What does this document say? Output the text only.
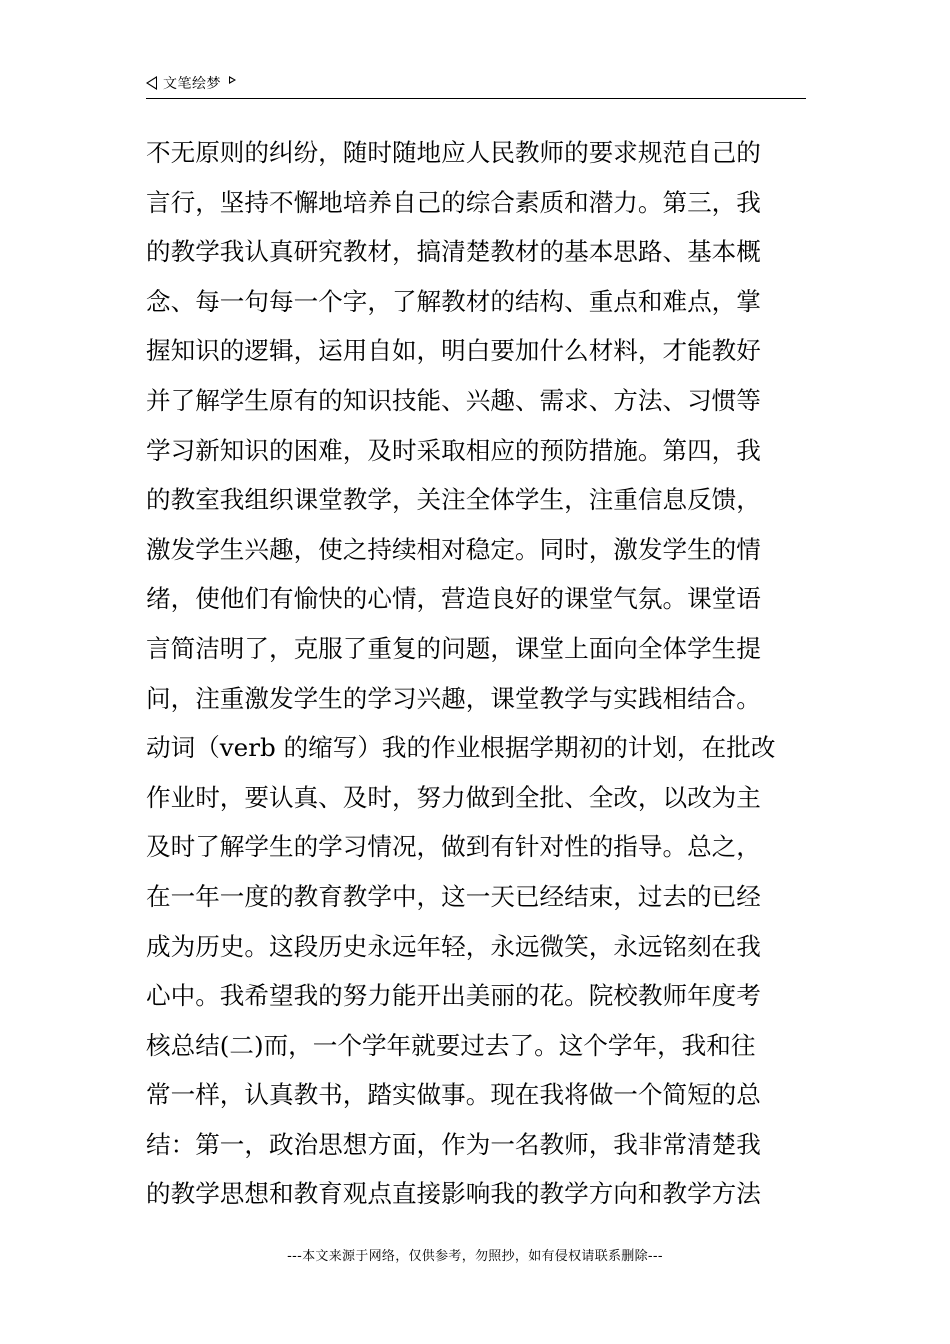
文笔绘梦
不无原则的纠纷，随时随地应人民教师的要求规范自己的
言行，坚持不懈地培养自己的综合素质和潜力。第三，我
的教学我认真研究教材，搞清楚教材的基本思路、基本概
念、每一句每一个字，了解教材的结构、重点和难点，掌
握知识的逻辑，运用自如，明白要加什么材料，才能教好
并了解学生原有的知识技能、兴趣、需求、方法、习惯等
学习新知识的困难，及时采取相应的预防措施。第四，我
的教室我组织课堂教学，关注全体学生，注重信息反馈，
激发学生兴趣，使之持续相对稳定。同时，激发学生的情
绪，使他们有愉快的心情，营造良好的课堂气氛。课堂语
言简洁明了，克服了重复的问题，课堂上面向全体学生提
问，注重激发学生的学习兴趣，课堂教学与实践相结合。
动词（verb 的缩写）我的作业根据学期初的计划，在批改
作业时，要认真、及时，努力做到全批、全改，以改为主
及时了解学生的学习情况，做到有针对性的指导。总之，
在一年一度的教育教学中，这一天已经结束，过去的已经
成为历史。这段历史永远年轻，永远微笑，永远铭刻在我
心中。我希望我的努力能开出美丽的花。院校教师年度考
核总结(二)而，一个学年就要过去了。这个学年，我和往
常一样，认真教书，踏实做事。现在我将做一个简短的总
结：第一，政治思想方面，作为一名教师，我非常清楚我
的教学思想和教育观点直接影响我的教学方向和教学方法
---本文来源于网络，仅供参考，勿照抄，如有侵权请联系删除---
